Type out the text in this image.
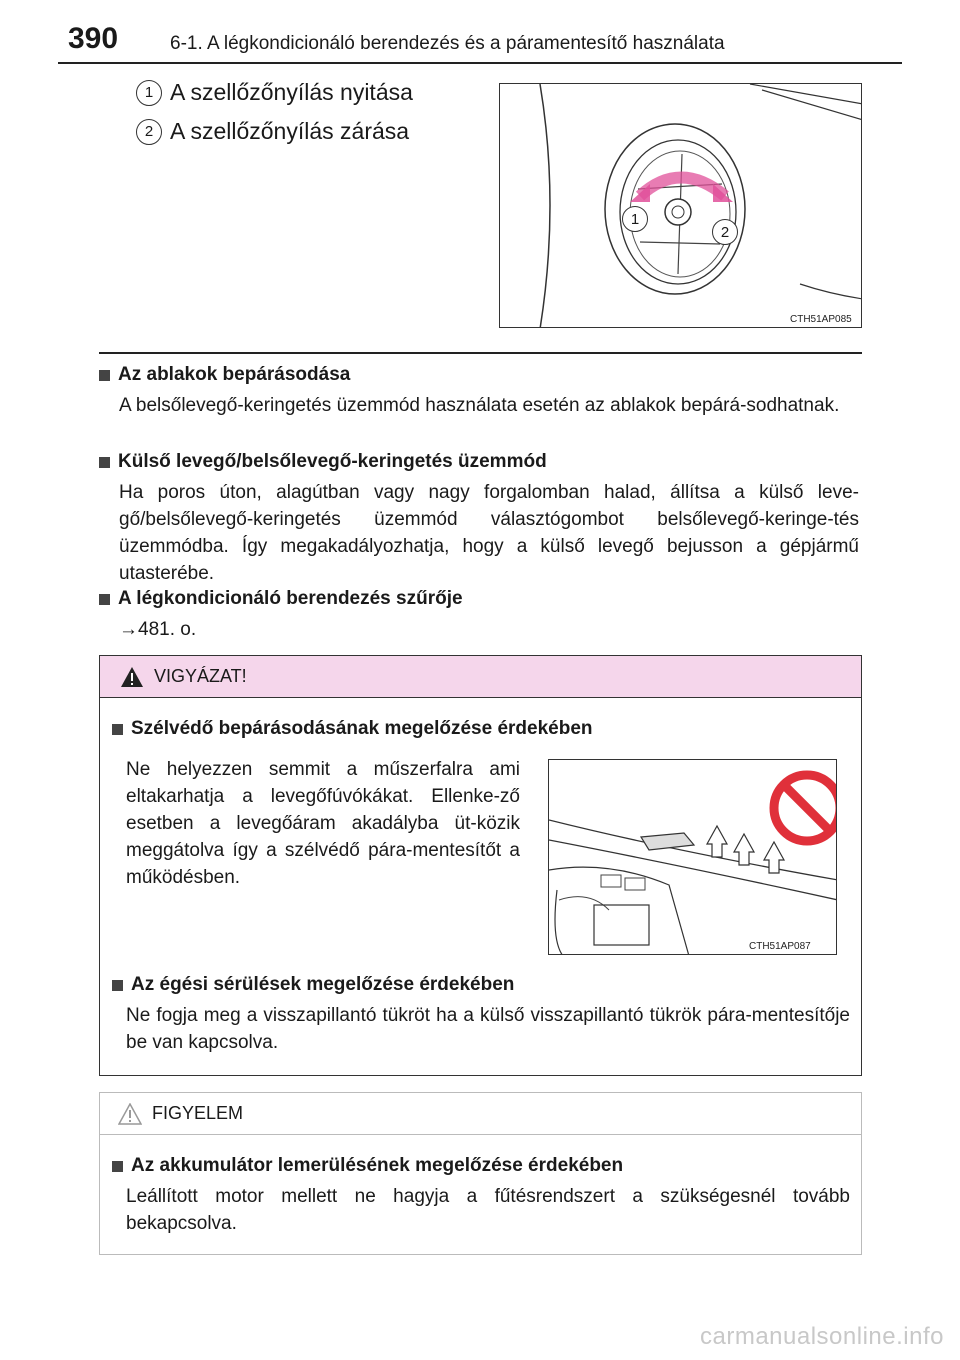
390	6-1. A légkondicionáló berendezés és a páramentesítő használata
1 A szellőzőnyílás nyitása
2 A szellőzőnyílás zárása
1
2
CTH51AP085
Az ablakok bepárásodása
A belsőlevegő-keringetés üzemmód használata esetén az ablakok bepárá-sodhatnak.
Külső levegő/belsőlevegő-keringetés üzemmód
Ha poros úton, alagútban vagy nagy forgalomban halad, állítsa a külső leve-gő/belsőlevegő-keringetés üzemmód választógombot belsőlevegő-keringe-tés üzemmódba. Így megakadályozhatja, hogy a külső levegő bejusson a gépjármű utasterébe.
A légkondicionáló berendezés szűrője
→481. o.
VIGYÁZAT!
Szélvédő bepárásodásának megelőzése érdekében
Ne helyezzen semmit a műszerfalra ami eltakarhatja a levegőfúvókákat. Ellenke-ző esetben a levegőáram akadályba üt-közik meggátolva így a szélvédő pára-mentesítőt a működésben.
CTH51AP087
Az égési sérülések megelőzése érdekében
Ne fogja meg a visszapillantó tükröt ha a külső visszapillantó tükrök pára-mentesítője be van kapcsolva.
FIGYELEM
Az akkumulátor lemerülésének megelőzése érdekében
Leállított motor mellett ne hagyja a fűtésrendszert a szükségesnél tovább bekapcsolva.
carmanualsonline.info
